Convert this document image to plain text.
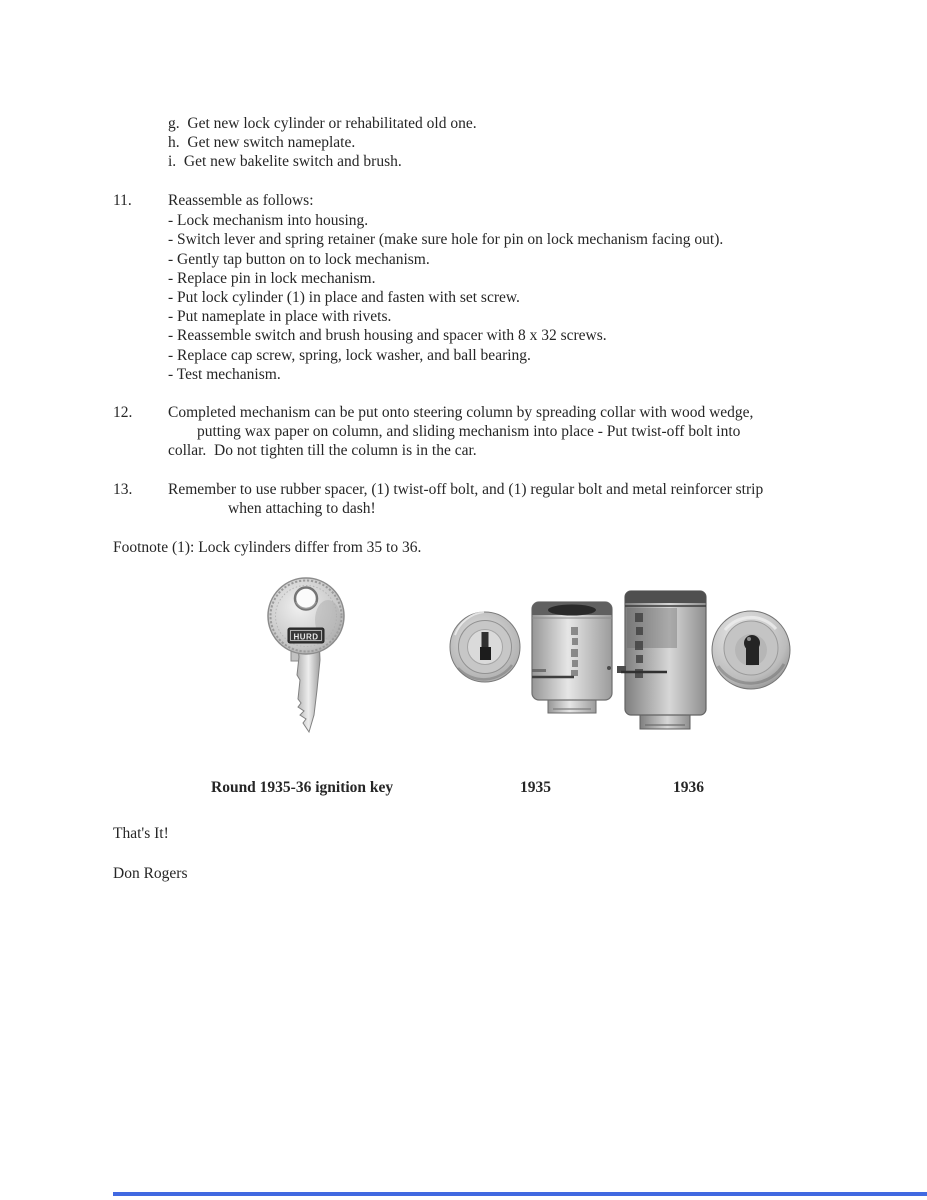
g.  Get new lock cylinder or rehabilitated old one.
h.  Get new switch nameplate.
i.  Get new bakelite switch and brush.
11. Reassemble as follows:
- Lock mechanism into housing.
- Switch lever and spring retainer (make sure hole for pin on lock mechanism facing out).
- Gently tap button on to lock mechanism.
- Replace pin in lock mechanism.
- Put lock cylinder (1) in place and fasten with set screw.
- Put nameplate in place with rivets.
- Reassemble switch and brush housing and spacer with 8 x 32 screws.
- Replace cap screw, spring, lock washer, and ball bearing.
- Test mechanism.
12. Completed mechanism can be put onto steering column by spreading collar with wood wedge,
putting wax paper on column, and sliding mechanism into place - Put twist-off bolt into
collar.  Do not tighten till the column is in the car.
13. Remember to use rubber spacer, (1) twist-off bolt, and (1) regular bolt and metal reinforcer strip
when attaching to dash!
Footnote (1): Lock cylinders differ from 35 to 36.
HURD
Round 1935-36 ignition key	1935	1936
That's It!
Don Rogers
